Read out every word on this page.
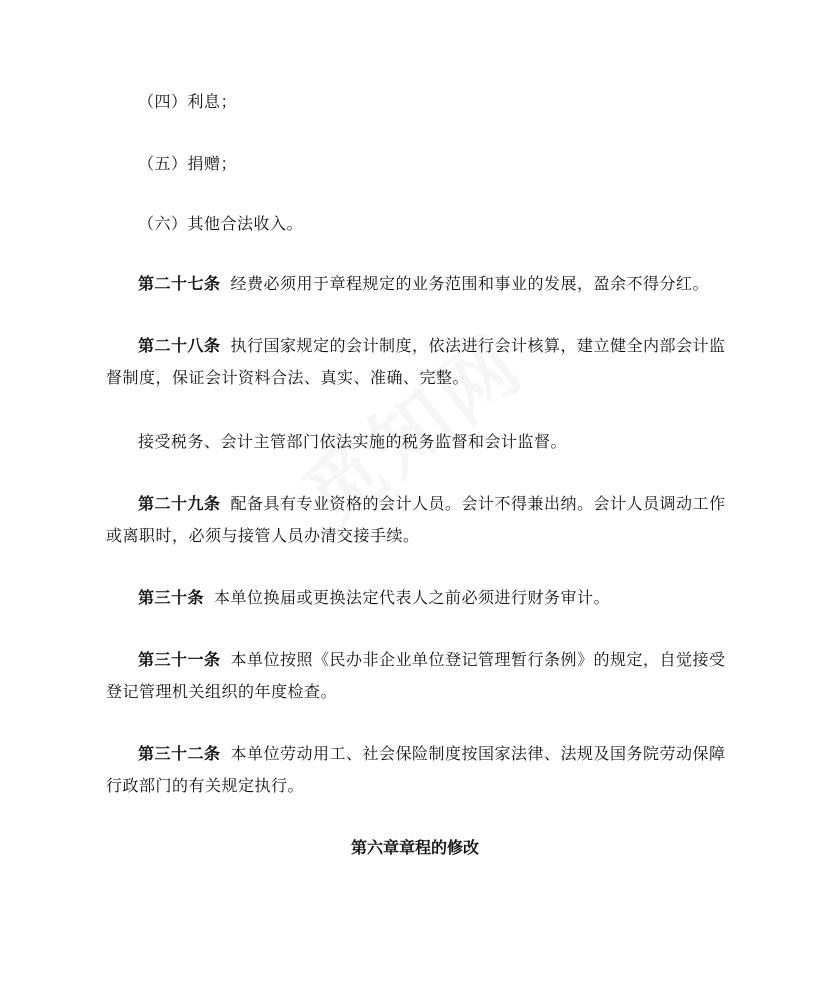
（四）利息；
（五）捐赠；
（六）其他合法收入。
第二十七条 经费必须用于章程规定的业务范围和事业的发展，盈余不得分红。
第二十八条 执行国家规定的会计制度，依法进行会计核算，建立健全内部会计监督制度，保证会计资料合法、真实、准确、完整。
接受税务、会计主管部门依法实施的税务监督和会计监督。
第二十九条 配备具有专业资格的会计人员。会计不得兼出纳。会计人员调动工作或离职时，必须与接管人员办清交接手续。
第三十条 本单位换届或更换法定代表人之前必须进行财务审计。
第三十一条 本单位按照《民办非企业单位登记管理暂行条例》的规定，自觉接受登记管理机关组织的年度检查。
第三十二条 本单位劳动用工、社会保险制度按国家法律、法规及国务院劳动保障行政部门的有关规定执行。
第六章章程的修改
